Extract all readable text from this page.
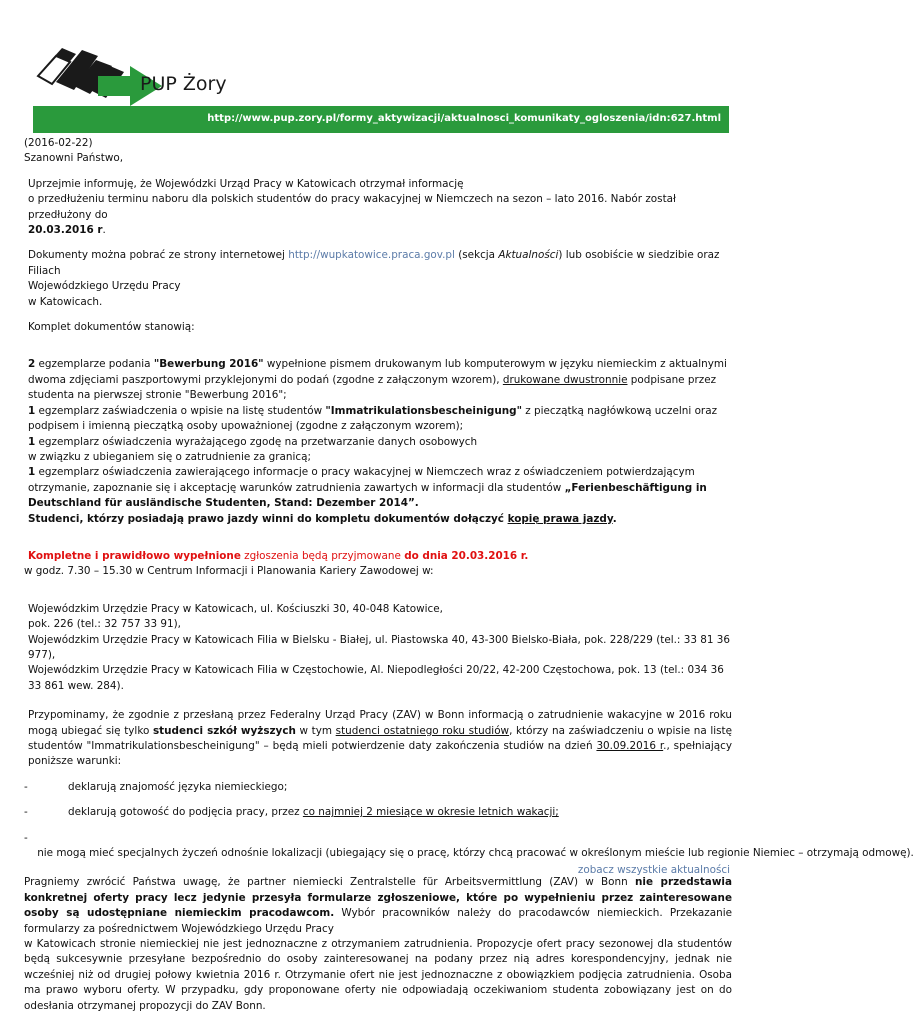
PUP Żory
http://www.pup.zory.pl/formy_aktywizacji/aktualnosci_komunikaty_ogloszenia/idn:627.html

(2016-02-22)

Szanowni Państwo,

Uprzejmie informuję, że Wojewódzki Urząd Pracy w Katowicach otrzymał informację
o przedłużeniu terminu naboru dla polskich studentów do pracy wakacyjnej w Niemczech na sezon – lato 2016. Nabór został przedłużony do
20.03.2016 r.

Dokumenty można pobrać ze strony internetowej http://wupkatowice.praca.gov.pl (sekcja Aktualności) lub osobiście w siedzibie oraz Filiach
Wojewódzkiego Urzędu Pracy
w Katowicach.

Komplet dokumentów stanowią:

2 egzemplarze podania "Bewerbung 2016" wypełnione pismem drukowanym lub komputerowym w języku niemieckim z aktualnymi dwoma zdjęciami paszportowymi przyklejonymi do podań (zgodne z załączonym wzorem), drukowane dwustronnie podpisane przez studenta na pierwszej stronie "Bewerbung 2016";

1 egzemplarz zaświadczenia o wpisie na listę studentów "Immatrikulationsbescheinigung" z pieczątką nagłówkową uczelni oraz podpisem i imienną pieczątką osoby upoważnionej (zgodne z załączonym wzorem);

1 egzemplarz oświadczenia wyrażającego zgodę na przetwarzanie danych osobowych
w związku z ubieganiem się o zatrudnienie za granicą;

1 egzemplarz oświadczenia zawierającego informacje o pracy wakacyjnej w Niemczech wraz z oświadczeniem potwierdzającym otrzymanie, zapoznanie się i akceptację warunków zatrudnienia zawartych w informacji dla studentów „Ferienbeschäftigung in Deutschland für ausländische Studenten, Stand: Dezember 2014”.

Studenci, którzy posiadają prawo jazdy winni do kompletu dokumentów dołączyć kopię prawa jazdy.

Kompletne i prawidłowo wypełnione zgłoszenia będą przyjmowane do dnia 20.03.2016 r.

w godz. 7.30 – 15.30 w Centrum Informacji i Planowania Kariery Zawodowej w:

Wojewódzkim Urzędzie Pracy w Katowicach, ul. Kościuszki 30, 40-048 Katowice,

pok. 226 (tel.: 32 757 33 91),

Wojewódzkim Urzędzie Pracy w Katowicach Filia w Bielsku - Białej, ul. Piastowska 40, 43-300 Bielsko-Biała, pok. 228/229 (tel.: 33 81 36 977),

Wojewódzkim Urzędzie Pracy w Katowicach Filia w Częstochowie, Al. Niepodległości 20/22, 42-200 Częstochowa, pok. 13 (tel.: 034 36 33 861 wew. 284).

Przypominamy, że zgodnie z przesłaną przez Federalny Urząd Pracy (ZAV) w Bonn informacją o zatrudnienie wakacyjne w 2016 roku mogą ubiegać się tylko studenci szkół wyższych w tym studenci ostatniego roku studiów, którzy na zaświadczeniu o wpisie na listę studentów "Immatrikulationsbescheinigung" – będą mieli potwierdzenie daty zakończenia studiów na dzień 30.09.2016 r., spełniający poniższe warunki:

-	deklarują znajomość języka niemieckiego;
-	deklarują gotowość do podjęcia pracy, przez co najmniej 2 miesiące w okresie letnich wakacji;

-    nie mogą mieć specjalnych życzeń odnośnie lokalizacji (ubiegający się o pracę, którzy chcą pracować w określonym mieście lub regionie Niemiec – otrzymają odmowę).

Pragniemy zwrócić Państwa uwagę, że partner niemiecki Zentralstelle für Arbeitsvermittlung (ZAV) w Bonn nie przedstawia konkretnej oferty pracy lecz jedynie przesyła formularze zgłoszeniowe, które po wypełnieniu przez zainteresowane osoby są udostępniane niemieckim pracodawcom. Wybór pracowników należy do pracodawców niemieckich. Przekazanie formularzy za pośrednictwem Wojewódzkiego Urzędu Pracy
w Katowicach stronie niemieckiej nie jest jednoznaczne z otrzymaniem zatrudnienia. Propozycje ofert pracy sezonowej dla studentów będą sukcesywnie przesyłane bezpośrednio do osoby zainteresowanej na podany przez nią adres korespondencyjny, jednak nie wcześniej niż od drugiej połowy kwietnia 2016 r. Otrzymanie ofert nie jest jednoznaczne z obowiązkiem podjęcia zatrudnienia. Osoba ma prawo wyboru oferty. W przypadku, gdy proponowane oferty nie odpowiadają oczekiwaniom studenta zobowiązany jest on do odesłania otrzymanej propozycji do ZAV Bonn.

zobacz wszystkie aktualności
